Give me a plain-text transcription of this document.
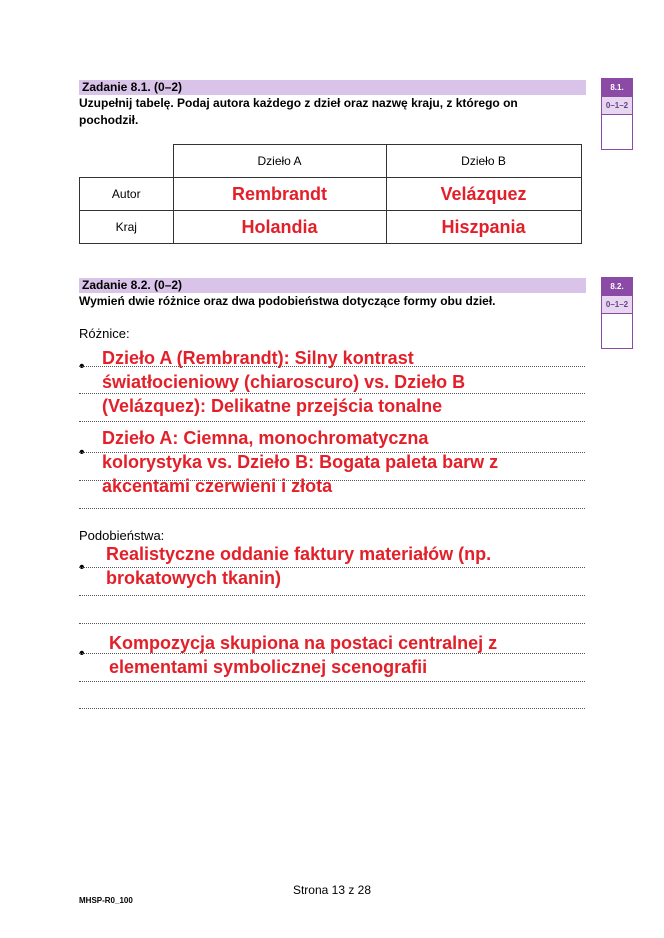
Zadanie 8.1. (0–2)
Uzupełnij tabelę. Podaj autora każdego z dzieł oraz nazwę kraju, z którego on pochodził.
8.1.
0–1–2
	Dzieło A	Dzieło B
Autor	Rembrandt	Velázquez
Kraj	Holandia	Hiszpania
Zadanie 8.2. (0–2)
Wymień dwie różnice oraz dwa podobieństwa dotyczące formy obu dzieł.
8.2.
0–1–2
Różnice:
• Dzieło A (Rembrandt): Silny kontrast
światłocieniowy (chiaroscuro) vs. Dzieło B
(Velázquez): Delikatne przejścia tonalne
•
Dzieło A: Ciemna, monochromatyczna
kolorystyka vs. Dzieło B: Bogata paleta barw z
akcentami czerwieni i złota
Podobieństwa:
•
Realistyczne oddanie faktury materiałów (np.
brokatowych tkanin)
•
Kompozycja skupiona na postaci centralnej z
elementami symbolicznej scenografii
Strona 13 z 28
MHSP-R0_100
